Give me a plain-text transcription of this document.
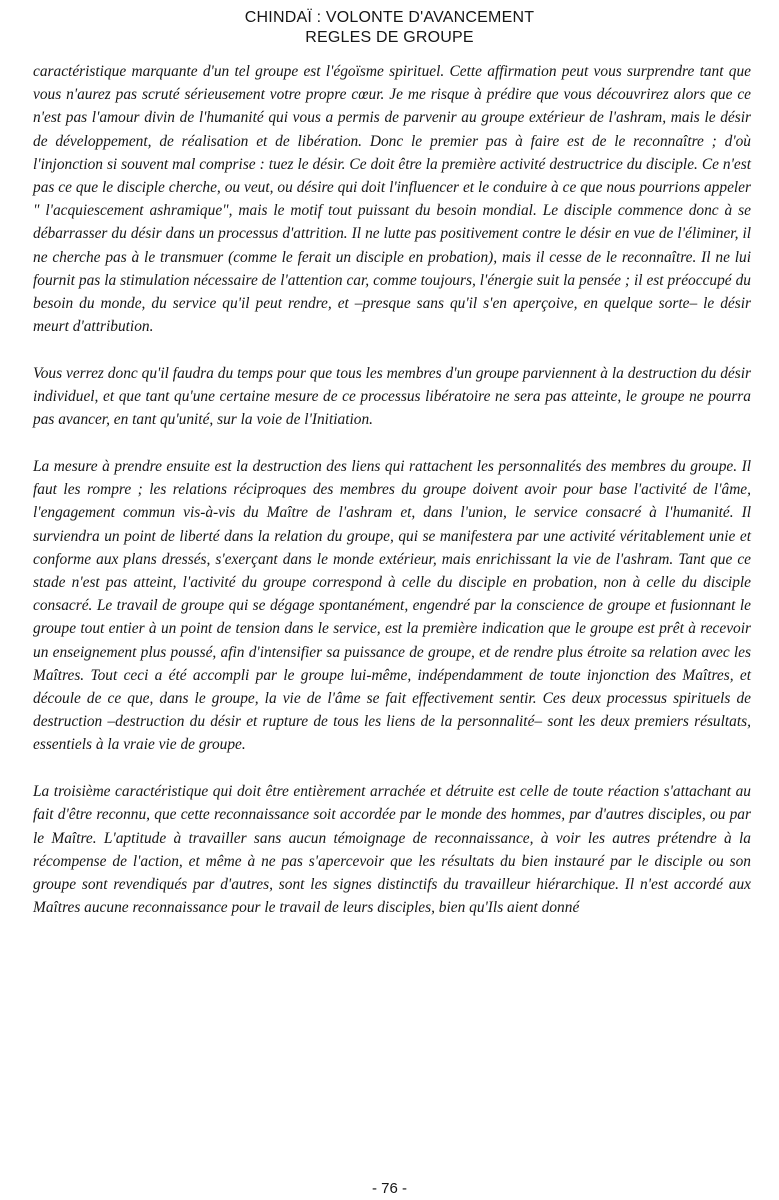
CHINDAÏ : VOLONTE D'AVANCEMENT
REGLES DE GROUPE

caractéristique marquante d'un tel groupe est l'égoïsme spirituel. Cette affirmation peut vous surprendre tant que vous n'aurez pas scruté sérieusement votre propre cœur. Je me risque à prédire que vous découvrirez alors que ce n'est pas l'amour divin de l'humanité qui vous a permis de parvenir au groupe extérieur de l'ashram, mais le désir de développement, de réalisation et de libération. Donc le premier pas à faire est de le reconnaître ; d'où l'injonction si souvent mal comprise : tuez le désir. Ce doit être la première activité destructrice du disciple. Ce n'est pas ce que le disciple cherche, ou veut, ou désire qui doit l'influencer et le conduire à ce que nous pourrions appeler " l'acquiescement ashramique", mais le motif tout puissant du besoin mondial. Le disciple commence donc à se débarrasser du désir dans un processus d'attrition. Il ne lutte pas positivement contre le désir en vue de l'éliminer, il ne cherche pas à le transmuer (comme le ferait un disciple en probation), mais il cesse de le reconnaître. Il ne lui fournit pas la stimulation nécessaire de l'attention car, comme toujours, l'énergie suit la pensée ; il est préoccupé du besoin du monde, du service qu'il peut rendre, et –presque sans qu'il s'en aperçoive, en quelque sorte– le désir meurt d'attribution.

Vous verrez donc qu'il faudra du temps pour que tous les membres d'un groupe parviennent à la destruction du désir individuel, et que tant qu'une certaine mesure de ce processus libératoire ne sera pas atteinte, le groupe ne pourra pas avancer, en tant qu'unité, sur la voie de l'Initiation.

La mesure à prendre ensuite est la destruction des liens qui rattachent les personnalités des membres du groupe. Il faut les rompre ; les relations réciproques des membres du groupe doivent avoir pour base l'activité de l'âme, l'engagement commun vis-à-vis du Maître de l'ashram et, dans l'union, le service consacré à l'humanité. Il surviendra un point de liberté dans la relation du groupe, qui se manifestera par une activité véritablement unie et conforme aux plans dressés, s'exerçant dans le monde extérieur, mais enrichissant la vie de l'ashram. Tant que ce stade n'est pas atteint, l'activité du groupe correspond à celle du disciple en probation, non à celle du disciple consacré. Le travail de groupe qui se dégage spontanément, engendré par la conscience de groupe et fusionnant le groupe tout entier à un point de tension dans le service, est la première indication que le groupe est prêt à recevoir un enseignement plus poussé, afin d'intensifier sa puissance de groupe, et de rendre plus étroite sa relation avec les Maîtres. Tout ceci a été accompli par le groupe lui-même, indépendamment de toute injonction des Maîtres, et découle de ce que, dans le groupe, la vie de l'âme se fait effectivement sentir. Ces deux processus spirituels de destruction –destruction du désir et rupture de tous les liens de la personnalité– sont les deux premiers résultats, essentiels à la vraie vie de groupe.

La troisième caractéristique qui doit être entièrement arrachée et détruite est celle de toute réaction s'attachant au fait d'être reconnu, que cette reconnaissance soit accordée par le monde des hommes, par d'autres disciples, ou par le Maître. L'aptitude à travailler sans aucun témoignage de reconnaissance, à voir les autres prétendre à la récompense de l'action, et même à ne pas s'apercevoir que les résultats du bien instauré par le disciple ou son groupe sont revendiqués par d'autres, sont les signes distinctifs du travailleur hiérarchique. Il n'est accordé aux Maîtres aucune reconnaissance pour le travail de leurs disciples, bien qu'Ils aient donné

- 76 -
